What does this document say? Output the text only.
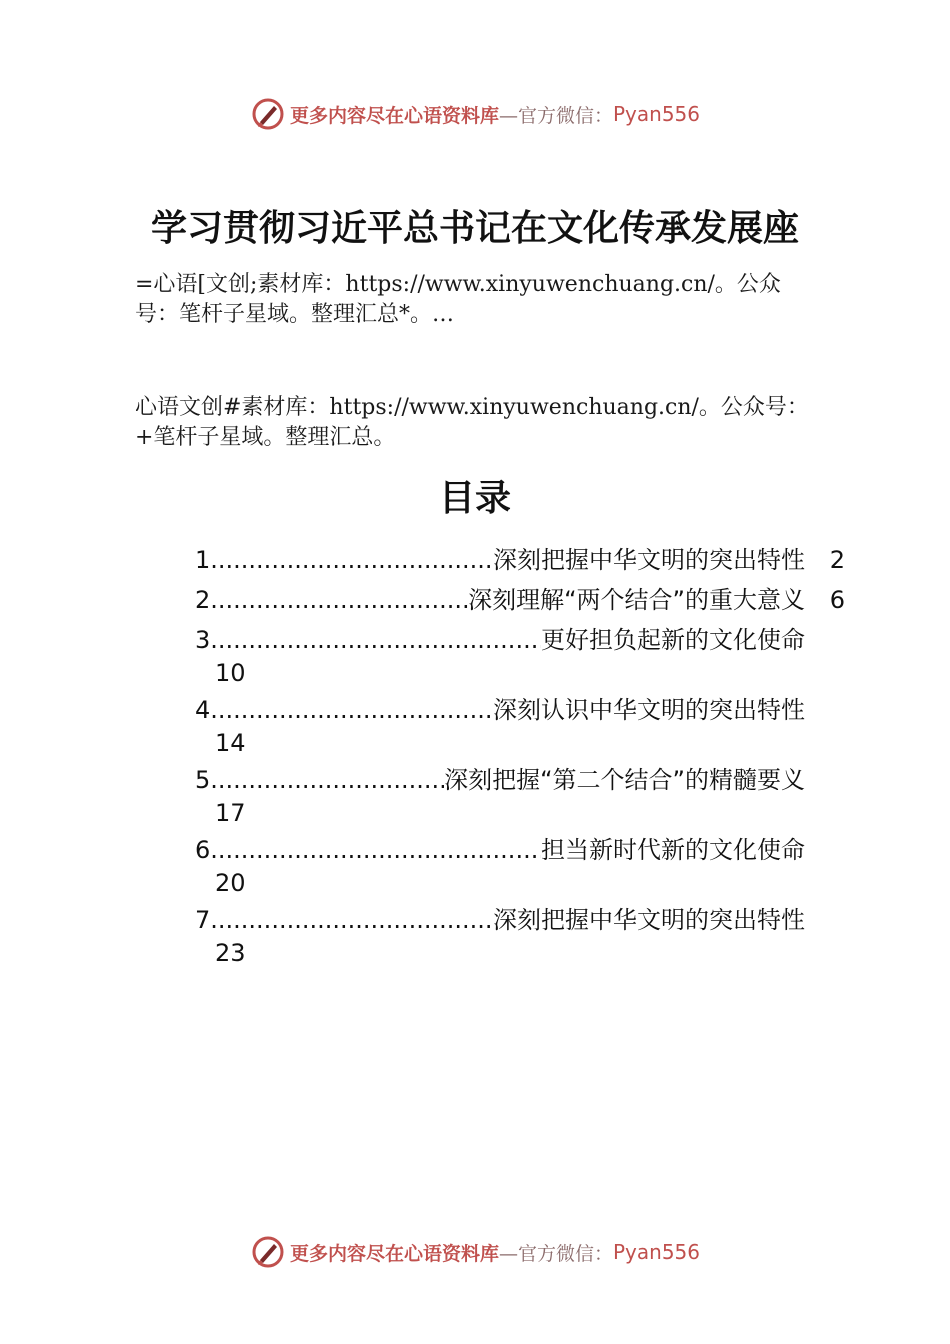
更多内容尽在心语资料库 —官方微信： Pyan556
学习贯彻习近平总书记在文化传承发展座
=心语[文创;素材库：https://www.xinyuwenchuang.cn/。公众
号：笔杆子星域。整理汇总*。…
心语文创#素材库：https://www.xinyuwenchuang.cn/。公众号：
+笔杆子星域。整理汇总。
目录
1 .....	深刻把握中华文明的突出特性	2
2 .....	深刻理解“两个结合”的重大意义	6
3 .....	更好担负起新的文化使命
10
4 .....	深刻认识中华文明的突出特性
14
5 .....	深刻把握“第二个结合”的精髓要义
17
6 .....	担当新时代新的文化使命
20
7 .....	深刻把握中华文明的突出特性
23
更多内容尽在心语资料库 —官方微信： Pyan556
